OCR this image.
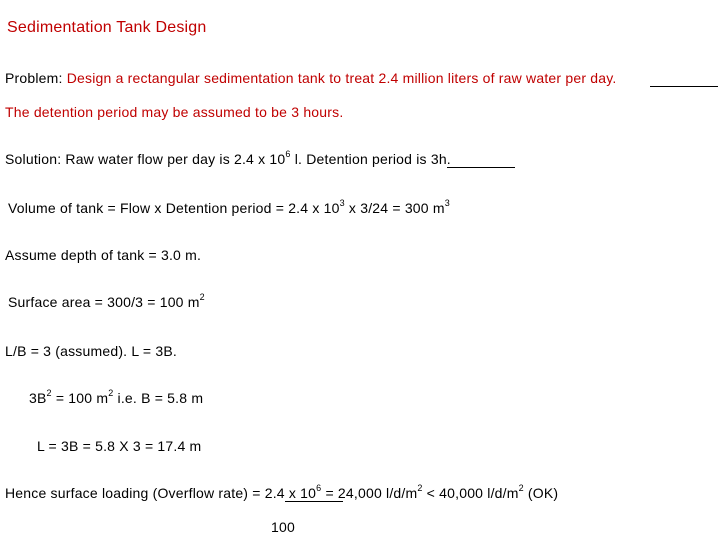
Sedimentation Tank Design
Problem: Design a rectangular sedimentation tank to treat 2.4 million liters of raw water per day.
The detention period may be assumed to be 3 hours.
Solution: Raw water flow per day is 2.4 x $10^6$ l. Detention period is 3h.
Volume of tank = Flow x Detention period = 2.4 x $10^3$ x 3/24 = 300 $m^3$
Assume depth of tank = 3.0 m.
Surface area = 300/3 = 100 $m^2$
L/B = 3 (assumed). L = 3B.
$3B^2 = 100$ $m^2$ i.e. B = 5.8 m
L = 3B = 5.8 X 3 = 17.4 m
Hence surface loading (Overflow rate) = 2.4 x $10^6 = 24,000$ $l/d/m^2 < 40,000$ $l/d/m^2$ (OK)
100
